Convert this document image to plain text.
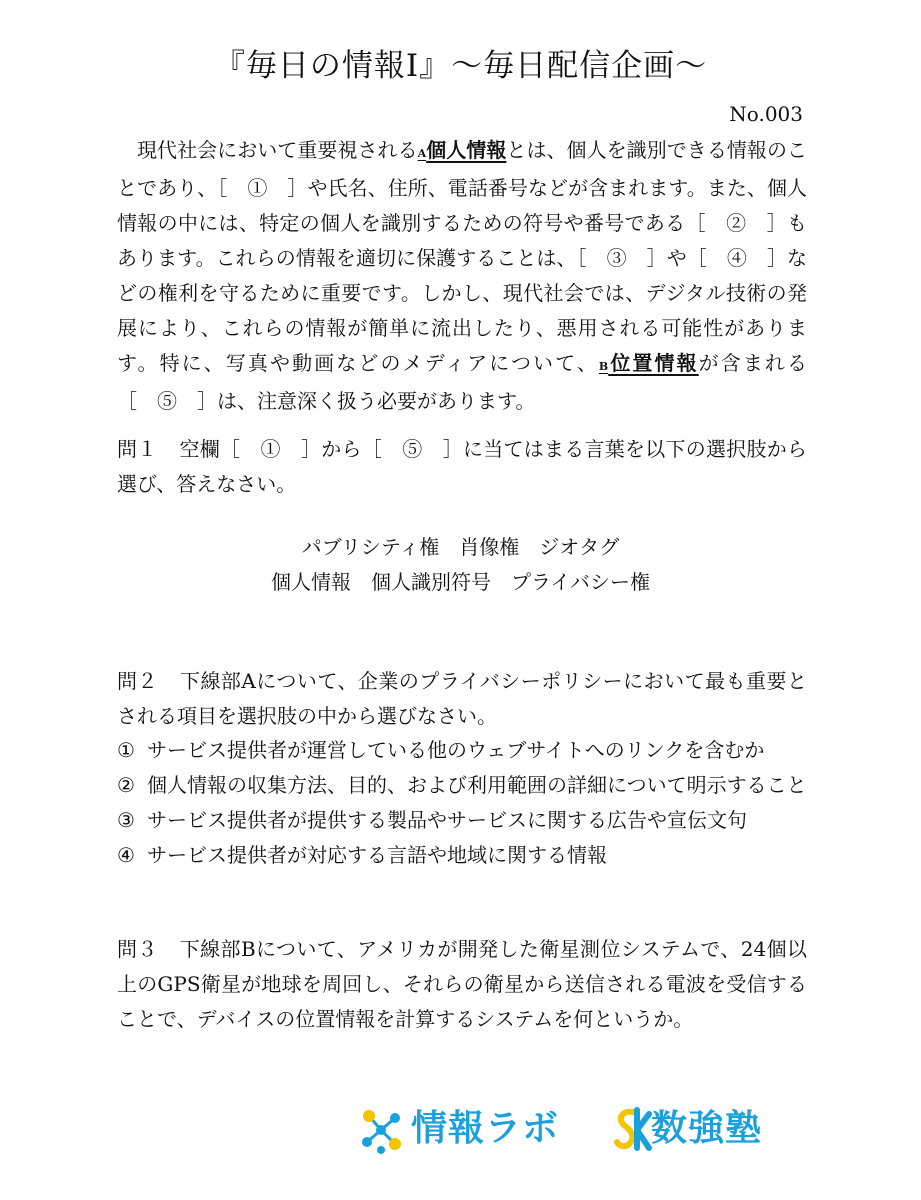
『毎日の情報Ⅰ』〜毎日配信企画〜
No.003
現代社会において重要視されるA個人情報とは、個人を識別できる情報のことであり、［　①　］や氏名、住所、電話番号などが含まれます。また、個人情報の中には、特定の個人を識別するための符号や番号である［　②　］もあります。これらの情報を適切に保護することは、［　③　］や［　④　］などの権利を守るために重要です。しかし、現代社会では、デジタル技術の発展により、これらの情報が簡単に流出したり、悪用される可能性があります。特に、写真や動画などのメディアについて、B位置情報が含まれる［　⑤　］は、注意深く扱う必要があります。
問１ 空欄［　①　］から［　⑤　］に当てはまる言葉を以下の選択肢から選び、答えなさい。
パブリシティ権 肖像権 ジオタグ
個人情報 個人識別符号 プライバシー権
問２ 下線部Aについて、企業のプライバシーポリシーにおいて最も重要とされる項目を選択肢の中から選びなさい。
① サービス提供者が運営している他のウェブサイトへのリンクを含むか
② 個人情報の収集方法、目的、および利用範囲の詳細について明示すること
③ サービス提供者が提供する製品やサービスに関する広告や宣伝文句
④ サービス提供者が対応する言語や地域に関する情報
問３ 下線部Bについて、アメリカが開発した衛星測位システムで、24個以上のGPS衛星が地球を周回し、それらの衛星から送信される電波を受信することで、デバイスの位置情報を計算するシステムを何というか。
情報ラボ	数強塾
